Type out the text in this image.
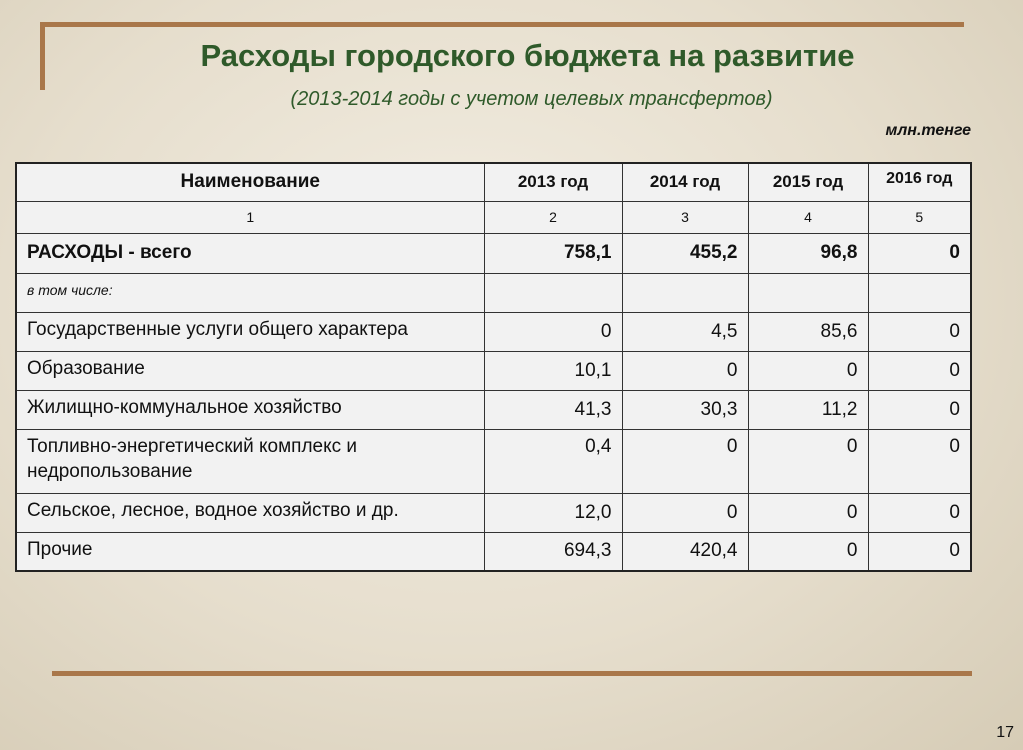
Расходы городского бюджета на развитие
(2013-2014 годы с учетом целевых трансфертов)
млн.тенге
Наименование	2013 год	2014 год	2015 год	2016 год
1	2	3	4	5
РАСХОДЫ - всего	758,1	455,2	96,8	0
в том числе:				
Государственные услуги общего характера	0	4,5	85,6	0
Образование	10,1	0	0	0
Жилищно-коммунальное хозяйство	41,3	30,3	11,2	0
Топливно-энергетический комплекс и недропользование	0,4	0	0	0
Сельское, лесное, водное хозяйство и др.	12,0	0	0	0
Прочие	694,3	420,4	0	0
17
